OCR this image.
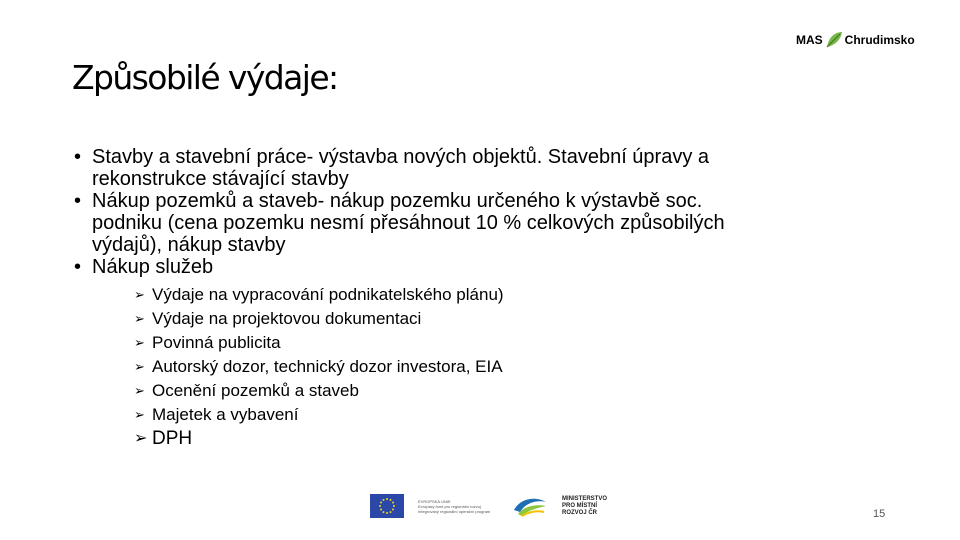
MAS Chrudimsko
Způsobilé výdaje:
• Stavby a stavební práce- výstavba nových objektů. Stavební úpravy a
rekonstrukce stávající stavby
• Nákup pozemků a staveb- nákup pozemku určeného k výstavbě soc.
podniku (cena pozemku nesmí přesáhnout 10 % celkových způsobilých
výdajů), nákup stavby
• Nákup služeb
➢ Výdaje na vypracování podnikatelského plánu)
➢ Výdaje na projektovou dokumentaci
➢ Povinná publicita
➢ Autorský dozor, technický dozor investora, EIA
➢ Ocenění pozemků a staveb
➢ Majetek a vybavení
➢ DPH
EVROPSKÁ UNIE
Evropský fond pro regionální rozvoj
Integrovaný regionální operační program
MINISTERSTVO
PRO MÍSTNÍ
ROZVOJ ČR	15
